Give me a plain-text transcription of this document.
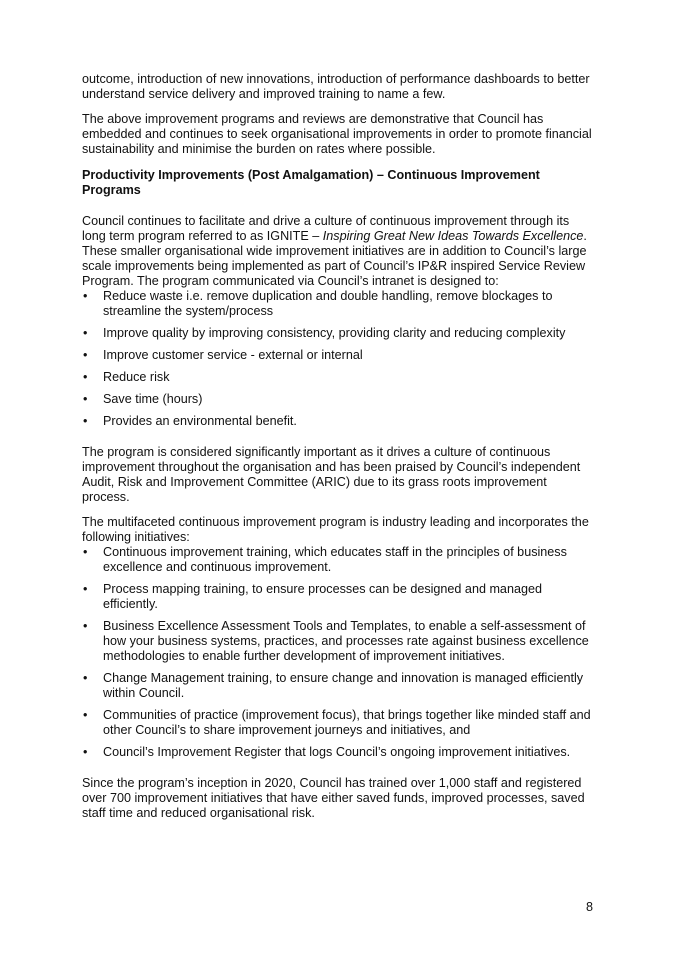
outcome, introduction of new innovations, introduction of performance dashboards to better understand service delivery and improved training to name a few.

The above improvement programs and reviews are demonstrative that Council has embedded and continues to seek organisational improvements in order to promote financial sustainability and minimise the burden on rates where possible.

Productivity Improvements (Post Amalgamation) – Continuous Improvement Programs

Council continues to facilitate and drive a culture of continuous improvement through its long term program referred to as IGNITE – Inspiring Great New Ideas Towards Excellence. These smaller organisational wide improvement initiatives are in addition to Council’s large scale improvements being implemented as part of Council’s IP&R inspired Service Review Program. The program communicated via Council’s intranet is designed to:

• Reduce waste i.e. remove duplication and double handling, remove blockages to streamline the system/process
• Improve quality by improving consistency, providing clarity and reducing complexity
• Improve customer service - external or internal
• Reduce risk
• Save time (hours)
• Provides an environmental benefit.

The program is considered significantly important as it drives a culture of continuous improvement throughout the organisation and has been praised by Council’s independent Audit, Risk and Improvement Committee (ARIC) due to its grass roots improvement process.

The multifaceted continuous improvement program is industry leading and incorporates the following initiatives:

• Continuous improvement training, which educates staff in the principles of business excellence and continuous improvement.
• Process mapping training, to ensure processes can be designed and managed efficiently.
• Business Excellence Assessment Tools and Templates, to enable a self-assessment of how your business systems, practices, and processes rate against business excellence methodologies to enable further development of improvement initiatives.
• Change Management training, to ensure change and innovation is managed efficiently within Council.
• Communities of practice (improvement focus), that brings together like minded staff and other Council’s to share improvement journeys and initiatives, and
• Council’s Improvement Register that logs Council’s ongoing improvement initiatives.

Since the program’s inception in 2020, Council has trained over 1,000 staff and registered over 700 improvement initiatives that have either saved funds, improved processes, saved staff time and reduced organisational risk.

8
